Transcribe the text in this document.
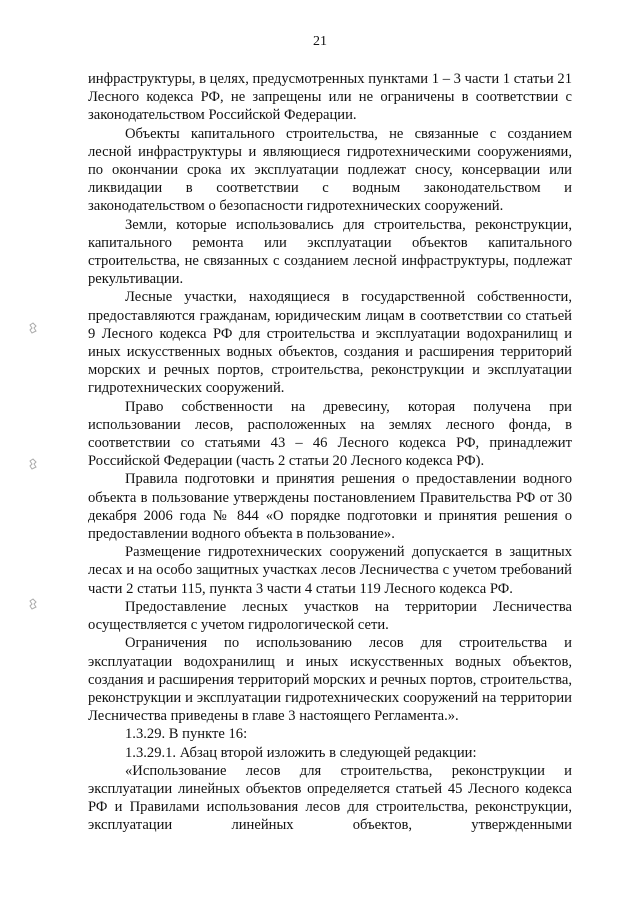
21

инфраструктуры, в целях, предусмотренных пунктами 1 – 3 части 1 статьи 21 Лесного кодекса РФ, не запрещены или не ограничены в соответствии с законодательством Российской Федерации.

Объекты капитального строительства, не связанные с созданием лесной инфраструктуры и являющиеся гидротехническими сооружениями, по окончании срока их эксплуатации подлежат сносу, консервации или ликвидации в соответствии с водным законодательством и законодательством о безопасности гидротехнических сооружений.

Земли, которые использовались для строительства, реконструкции, капитального ремонта или эксплуатации объектов капитального строительства, не связанных с созданием лесной инфраструктуры, подлежат рекультивации.

Лесные участки, находящиеся в государственной собственности, предоставляются гражданам, юридическим лицам в соответствии со статьей 9 Лесного кодекса РФ для строительства и эксплуатации водохранилищ и иных искусственных водных объектов, создания и расширения территорий морских и речных портов, строительства, реконструкции и эксплуатации гидротехнических сооружений.

Право собственности на древесину, которая получена при использовании лесов, расположенных на землях лесного фонда, в соответствии со статьями 43 – 46 Лесного кодекса РФ, принадлежит Российской Федерации (часть 2 статьи 20 Лесного кодекса РФ).

Правила подготовки и принятия решения о предоставлении водного объекта в пользование утверждены постановлением Правительства РФ от 30 декабря 2006 года № 844 «О порядке подготовки и принятия решения о предоставлении водного объекта в пользование».

Размещение гидротехнических сооружений допускается в защитных лесах и на особо защитных участках лесов Лесничества с учетом требований части 2 статьи 115, пункта 3 части 4 статьи 119 Лесного кодекса РФ.

Предоставление лесных участков на территории Лесничества осуществляется с учетом гидрологической сети.

Ограничения по использованию лесов для строительства и эксплуатации водохранилищ и иных искусственных водных объектов, создания и расширения территорий морских и речных портов, строительства, реконструкции и эксплуатации гидротехнических сооружений на территории Лесничества приведены в главе 3 настоящего Регламента.».

1.3.29. В пункте 16:

1.3.29.1. Абзац второй изложить в следующей редакции:

«Использование лесов для строительства, реконструкции и эксплуатации линейных объектов определяется статьей 45 Лесного кодекса РФ и Правилами использования лесов для строительства, реконструкции, эксплуатации линейных объектов, утвержденными
